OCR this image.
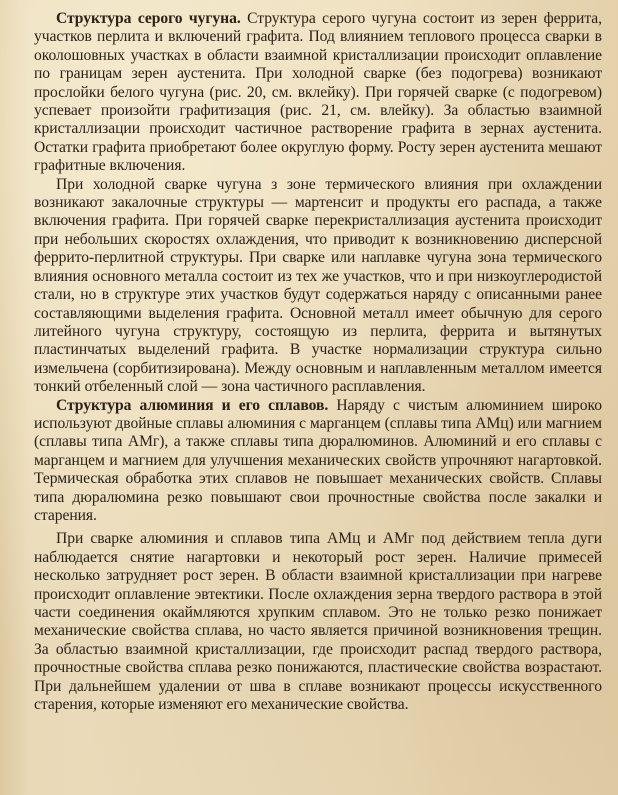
Структура серого чугуна. Структура серого чугуна состоит из зерен феррита, участков перлита и включений графита. Под влиянием теплового процесса сварки в околошовных участках в области взаимной кристаллизации происходит оплавление по границам зерен аустенита. При холодной сварке (без подогрева) возникают прослойки белого чугуна (рис. 20, см. вклейку). При горячей сварке (с подогревом) успевает произойти графитизация (рис. 21, см. влейку). За областью взаимной кристаллизации происходит частичное растворение графита в зернах аустенита. Остатки графита приобретают более округлую форму. Росту зерен аустенита мешают графитные включения.

При холодной сварке чугуна з зоне термического влияния при охлаждении возникают закалочные структуры — мартенсит и продукты его распада, а также включения графита. При горячей сварке перекристаллизация аустенита происходит при небольших скоростях охлаждения, что приводит к возникновению дисперсной феррито-перлитной структуры. При сварке или наплавке чугуна зона термического влияния основного металла состоит из тех же участков, что и при низкоуглеродистой стали, но в структуре этих участков будут содержаться наряду с описанными ранее составляющими выделения графита. Основной металл имеет обычную для серого литейного чугуна структуру, состоящую из перлита, феррита и вытянутых пластинчатых выделений графита. В участке нормализации структура сильно измельчена (сорбитизирована). Между основным и наплавленным металлом имеется тонкий отбеленный слой — зона частичного расплавления.

Структура алюминия и его сплавов. Наряду с чистым алюминием широко используют двойные сплавы алюминия с марганцем (сплавы типа АМц) или магнием (сплавы типа АМг), а также сплавы типа дюралюминов. Алюминий и его сплавы с марганцем и магнием для улучшения механических свойств упрочняют нагартовкой. Термическая обработка этих сплавов не повышает механических свойств. Сплавы типа дюралюмина резко повышают свои прочностные свойства после закалки и старения.

При сварке алюминия и сплавов типа АМц и АМг под действием тепла дуги наблюдается снятие нагартовки и некоторый рост зерен. Наличие примесей несколько затрудняет рост зерен. В области взаимной кристаллизации при нагреве происходит оплавление эвтектики. После охлаждения зерна твердого раствора в этой части соединения окаймляются хрупким сплавом. Это не только резко понижает механические свойства сплава, но часто является причиной возникновения трещин. За областью взаимной кристаллизации, где происходит распад твердого раствора, прочностные свойства сплава резко понижаются, пластические свойства возрастают. При дальнейшем удалении от шва в сплаве возникают процессы искусственного старения, которые изменяют его механические свойства.
